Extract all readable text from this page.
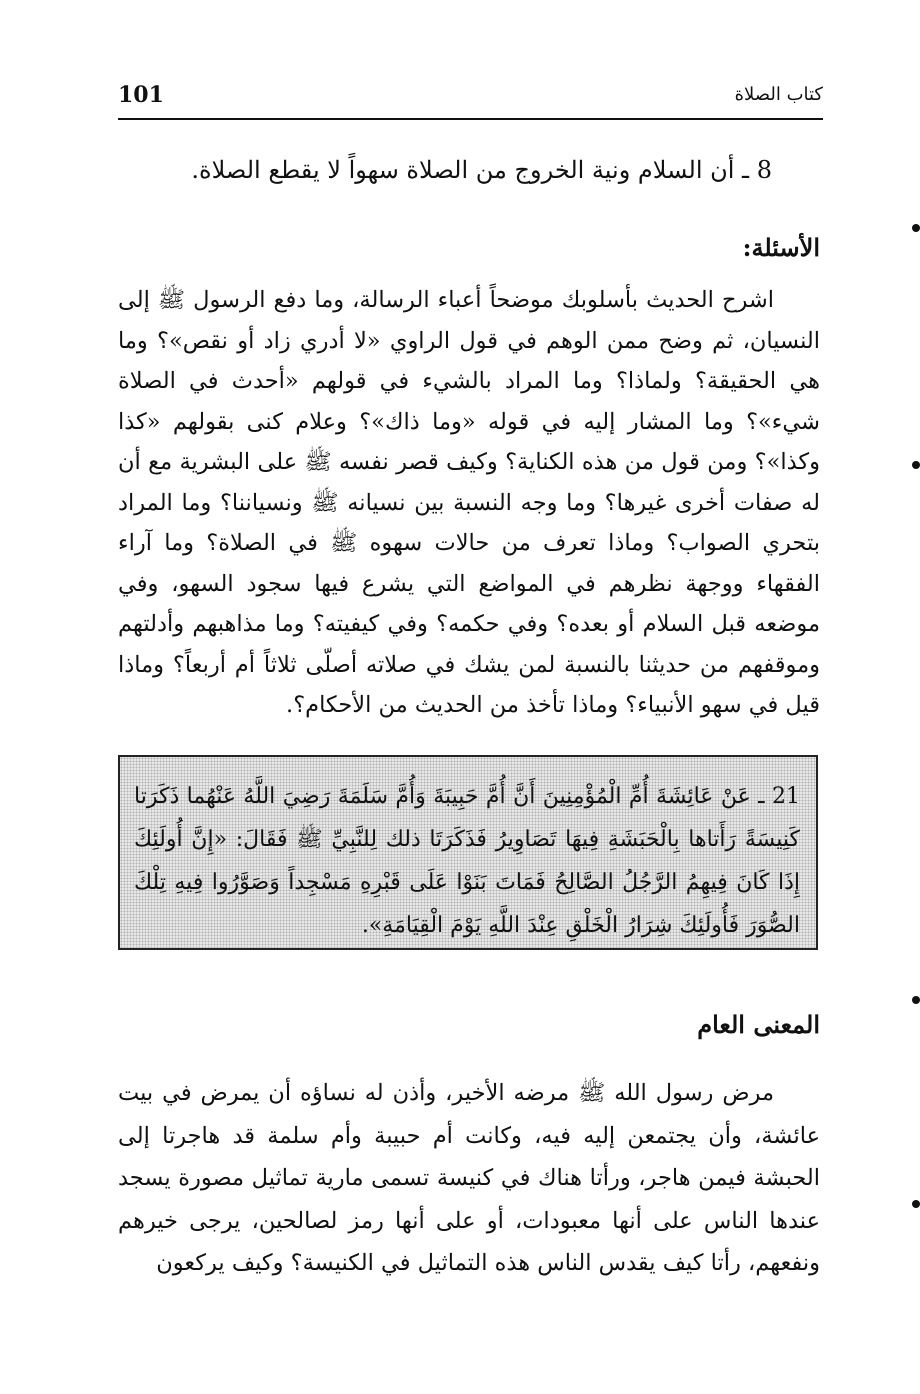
101	كتاب الصلاة
8 ـ أن السلام ونية الخروج من الصلاة سهواً لا يقطع الصلاة.
الأسئلة:
اشرح الحديث بأسلوبك موضحاً أعباء الرسالة، وما دفع الرسول ﷺ إلى النسيان، ثم وضح ممن الوهم في قول الراوي «لا أدري زاد أو نقص»؟ وما هي الحقيقة؟ ولماذا؟ وما المراد بالشيء في قولهم «أحدث في الصلاة شيء»؟ وما المشار إليه في قوله «وما ذاك»؟ وعلام كنى بقولهم «كذا وكذا»؟ ومن قول من هذه الكناية؟ وكيف قصر نفسه ﷺ على البشرية مع أن له صفات أخرى غيرها؟ وما وجه النسبة بين نسيانه ﷺ ونسياننا؟ وما المراد بتحري الصواب؟ وماذا تعرف من حالات سهوه ﷺ في الصلاة؟ وما آراء الفقهاء ووجهة نظرهم في المواضع التي يشرع فيها سجود السهو، وفي موضعه قبل السلام أو بعده؟ وفي حكمه؟ وفي كيفيته؟ وما مذاهبهم وأدلتهم وموقفهم من حديثنا بالنسبة لمن يشك في صلاته أصلّى ثلاثاً أم أربعاً؟ وماذا قيل في سهو الأنبياء؟ وماذا تأخذ من الحديث من الأحكام؟.
21 ـ عَنْ عَائِشَةَ أُمِّ الْمُؤْمِنِينَ أَنَّ أُمَّ حَبِيبَةَ وَأُمَّ سَلَمَةَ رَضِيَ اللَّهُ عَنْهُما ذَكَرَتا كَنِيسَةً رَأَتاها بِالْحَبَشَةِ فِيهَا تَصَاوِيرُ فَذَكَرَتَا ذلك لِلنَّبِيِّ ﷺ فَقَالَ: «إِنَّ أُولَئِكَ إِذَا كَانَ فِيهِمُ الرَّجُلُ الصَّالِحُ فَمَاتَ بَنَوْا عَلَى قَبْرِهِ مَسْجِداً وَصَوَّرُوا فِيهِ تِلْكَ الصُّوَرَ فَأُولَئِكَ شِرَارُ الْخَلْقِ عِنْدَ اللَّهِ يَوْمَ الْقِيَامَةِ».
المعنى العام
مرض رسول الله ﷺ مرضه الأخير، وأذن له نساؤه أن يمرض في بيت عائشة، وأن يجتمعن إليه فيه، وكانت أم حبيبة وأم سلمة قد هاجرتا إلى الحبشة فيمن هاجر، ورأتا هناك في كنيسة تسمى مارية تماثيل مصورة يسجد عندها الناس على أنها معبودات، أو على أنها رمز لصالحين، يرجى خيرهم ونفعهم، رأتا كيف يقدس الناس هذه التماثيل في الكنيسة؟ وكيف يركعون
